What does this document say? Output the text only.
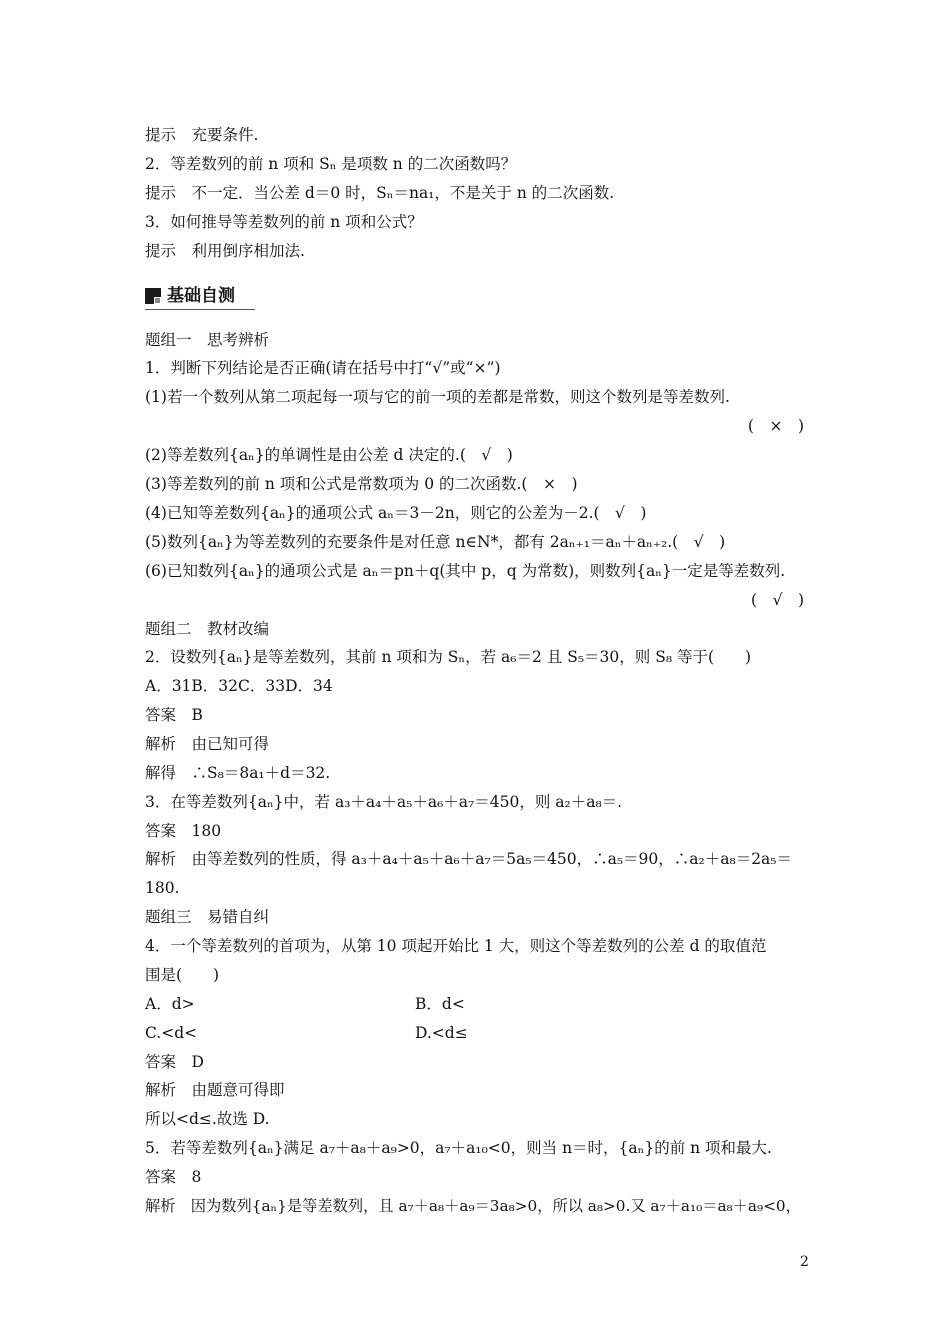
提示　充要条件.
2．等差数列的前 n 项和 Sₙ 是项数 n 的二次函数吗？
提示　不一定．当公差 d＝0 时，Sₙ＝na₁，不是关于 n 的二次函数.
3．如何推导等差数列的前 n 项和公式？
提示　利用倒序相加法.
基础自测
题组一　思考辨析
1．判断下列结论是否正确(请在括号中打“√”或“×”)
(1)若一个数列从第二项起每一项与它的前一项的差都是常数，则这个数列是等差数列.
(　×　)
(2)等差数列{aₙ}的单调性是由公差 d 决定的.(　√　)
(3)等差数列的前 n 项和公式是常数项为 0 的二次函数.(　×　)
(4)已知等差数列{aₙ}的通项公式 aₙ＝3－2n，则它的公差为－2.(　√　)
(5)数列{aₙ}为等差数列的充要条件是对任意 n∈N*，都有 2aₙ₊₁＝aₙ＋aₙ₊₂.(　√　)
(6)已知数列{aₙ}的通项公式是 aₙ＝pn＋q(其中 p，q 为常数)，则数列{aₙ}一定是等差数列.
(　√　)
题组二　教材改编
2．设数列{aₙ}是等差数列，其前 n 项和为 Sₙ，若 a₆＝2 且 S₅＝30，则 S₈ 等于(　　)
A．31B．32C．33D．34
答案　B
解析　由已知可得
解得　∴S₈＝8a₁＋d＝32.
3．在等差数列{aₙ}中，若 a₃＋a₄＋a₅＋a₆＋a₇＝450，则 a₂＋a₈＝.
答案　180
解析　由等差数列的性质，得 a₃＋a₄＋a₅＋a₆＋a₇＝5a₅＝450，∴a₅＝90，∴a₂＋a₈＝2a₅＝
180.
题组三　易错自纠
4．一个等差数列的首项为，从第 10 项起开始比 1 大，则这个等差数列的公差 d 的取值范
围是(　　)
A．d>	B．d<
C.<d<	D.<d≤
答案　D
解析　由题意可得即
所以<d≤.故选 D.
5．若等差数列{aₙ}满足 a₇＋a₈＋a₉>0，a₇＋a₁₀<0，则当 n＝时，{aₙ}的前 n 项和最大.
答案　8
解析　因为数列{aₙ}是等差数列，且 a₇＋a₈＋a₉＝3a₈>0，所以 a₈>0.又 a₇＋a₁₀＝a₈＋a₉<0，
2
